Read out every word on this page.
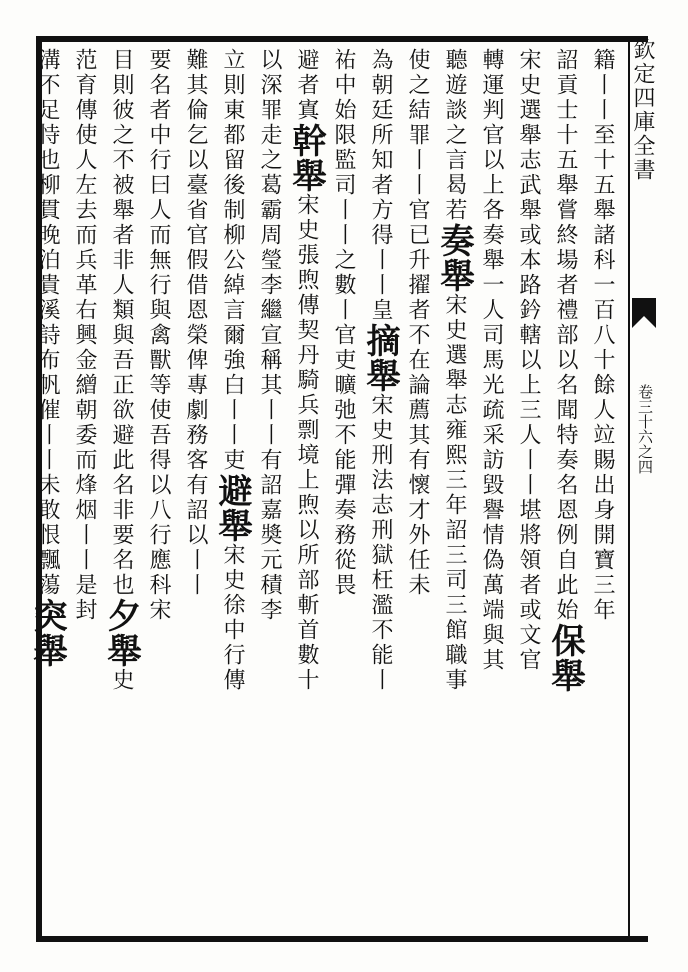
欽定四庫全書
卷三十六之四
籍丨丨至十五舉諸科一百八十餘人竝賜出身開寶三年
詔貢士十五舉嘗終場者禮部以名聞特奏名恩例自此始保舉
宋史選舉志武舉或本路鈐轄以上三人丨丨堪將領者或文官
轉運判官以上各奏舉一人司馬光疏采訪毀譽情偽萬端與其
聽遊談之言曷若奏舉宋史選舉志雍熙三年詔三司三館職事
使之結罪丨丨官已升擢者不在論薦其有懷才外任未
為朝廷所知者方得丨丨皇摘舉宋史刑法志刑獄枉濫不能丨
祐中始限監司丨丨之數丨官吏曠弛不能彈奏務從畏
避者寘幹舉宋史張煦傳契丹騎兵剽境上煦以所部斬首數十
以深罪走之葛霸周瑩李繼宣稱其丨丨有詔嘉奬元積李
立則東都留後制柳公綽言爾強白丨丨吏避舉宋史徐中行傳
難其倫乞以臺省官假借恩榮俾專劇務客有詔以丨丨
要名者中行曰人而無行與禽獸等使吾得以八行應科宋
目則彼之不被舉者非人類與吾正欲避此名非要名也夕舉史
范育傳使人左去而兵革右興金繒朝委而烽烟丨丨是封
溝不足恃也柳貫晚泊貴溪詩布帆催丨丨未敢恨飄蕩突舉
